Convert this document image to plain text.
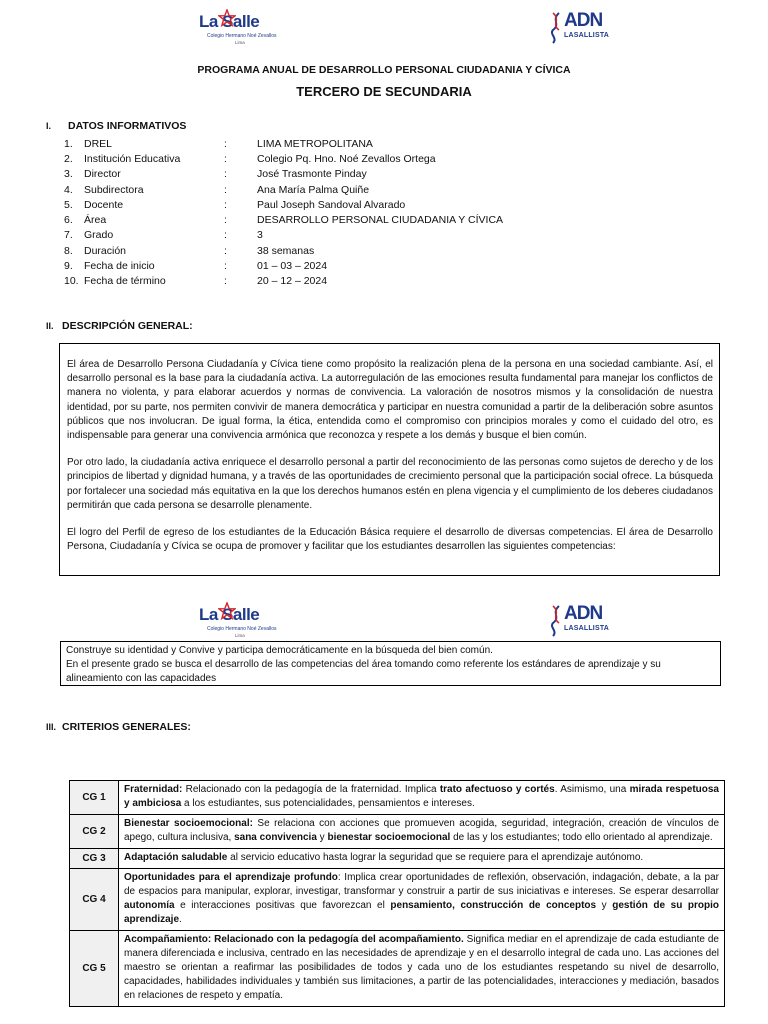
La Salle
Colegio Hermano Noé Zevallos
Lima
ADN
LASALLISTA
PROGRAMA ANUAL DE DESARROLLO PERSONAL CIUDADANIA Y CÍVICA
TERCERO DE SECUNDARIA
I. DATOS INFORMATIVOS
1.	DREL	:	LIMA METROPOLITANA
2.	Institución Educativa	:	Colegio Pq. Hno. Noé Zevallos Ortega
3.	Director	:	José Trasmonte Pinday
4.	Subdirectora	:	Ana María Palma Quiñe
5.	Docente	:	Paul Joseph Sandoval Alvarado
6.	Área	:	DESARROLLO PERSONAL CIUDADANIA Y CÍVICA
7.	Grado	:	3
8.	Duración	:	38 semanas
9.	Fecha de inicio	:	01 – 03 – 2024
10. Fecha de término	:	20 – 12 – 2024
II. DESCRIPCIÓN GENERAL:

El área de Desarrollo Persona Ciudadanía y Cívica tiene como propósito la realización plena de la persona en una sociedad cambiante. Así, el desarrollo personal es la base para la ciudadanía activa. La autorregulación de las emociones resulta fundamental para manejar los conflictos de manera no violenta, y para elaborar acuerdos y normas de convivencia. La valoración de nosotros mismos y la consolidación de nuestra identidad, por su parte, nos permiten convivir de manera democrática y participar en nuestra comunidad a partir de la deliberación sobre asuntos públicos que nos involucran. De igual forma, la ética, entendida como el compromiso con principios morales y como el cuidado del otro, es indispensable para generar una convivencia armónica que reconozca y respete a los demás y busque el bien común.

Por otro lado, la ciudadanía activa enriquece el desarrollo personal a partir del reconocimiento de las personas como sujetos de derecho y de los principios de libertad y dignidad humana, y a través de las oportunidades de crecimiento personal que la participación social ofrece. La búsqueda por fortalecer una sociedad más equitativa en la que los derechos humanos estén en plena vigencia y el cumplimiento de los deberes ciudadanos permitirán que cada persona se desarrolle plenamente.

El logro del Perfil de egreso de los estudiantes de la Educación Básica requiere el desarrollo de diversas competencias. El área de Desarrollo Persona, Ciudadanía y Cívica se ocupa de promover y facilitar que los estudiantes desarrollen las siguientes competencias:

La Salle
Colegio Hermano Noé Zevallos
Lima
ADN
LASALLISTA

Construye su identidad y Convive y participa democráticamente en la búsqueda del bien común.

En el presente grado se busca el desarrollo de las competencias del área tomando como referente los estándares de aprendizaje y su alineamiento con las capacidades

III. CRITERIOS GENERALES:
CG 1	Fraternidad: Relacionado con la pedagogía de la fraternidad. Implica trato afectuoso y cortés. Asimismo, una mirada respetuosa y ambiciosa a los estudiantes, sus potencialidades, pensamientos e intereses.
CG 2	Bienestar socioemocional: Se relaciona con acciones que promueven acogida, seguridad, integración, creación de vínculos de apego, cultura inclusiva, sana convivencia y bienestar socioemocional de las y los estudiantes; todo ello orientado al aprendizaje.
CG 3	Adaptación saludable al servicio educativo hasta lograr la seguridad que se requiere para el aprendizaje autónomo.
CG 4	Oportunidades para el aprendizaje profundo: Implica crear oportunidades de reflexión, observación, indagación, debate, a la par de espacios para manipular, explorar, investigar, transformar y construir a partir de sus iniciativas e intereses. Se esperar desarrollar autonomía e interacciones positivas que favorezcan el pensamiento, construcción de conceptos y gestión de su propio aprendizaje.
CG 5	Acompañamiento: Relacionado con la pedagogía del acompañamiento. Significa mediar en el aprendizaje de cada estudiante de manera diferenciada e inclusiva, centrado en las necesidades de aprendizaje y en el desarrollo integral de cada uno. Las acciones del maestro se orientan a reafirmar las posibilidades de todos y cada uno de los estudiantes respetando su nivel de desarrollo, capacidades, habilidades individuales y también sus limitaciones, a partir de las potencialidades, interacciones y mediación, basados en relaciones de respeto y empatía.
